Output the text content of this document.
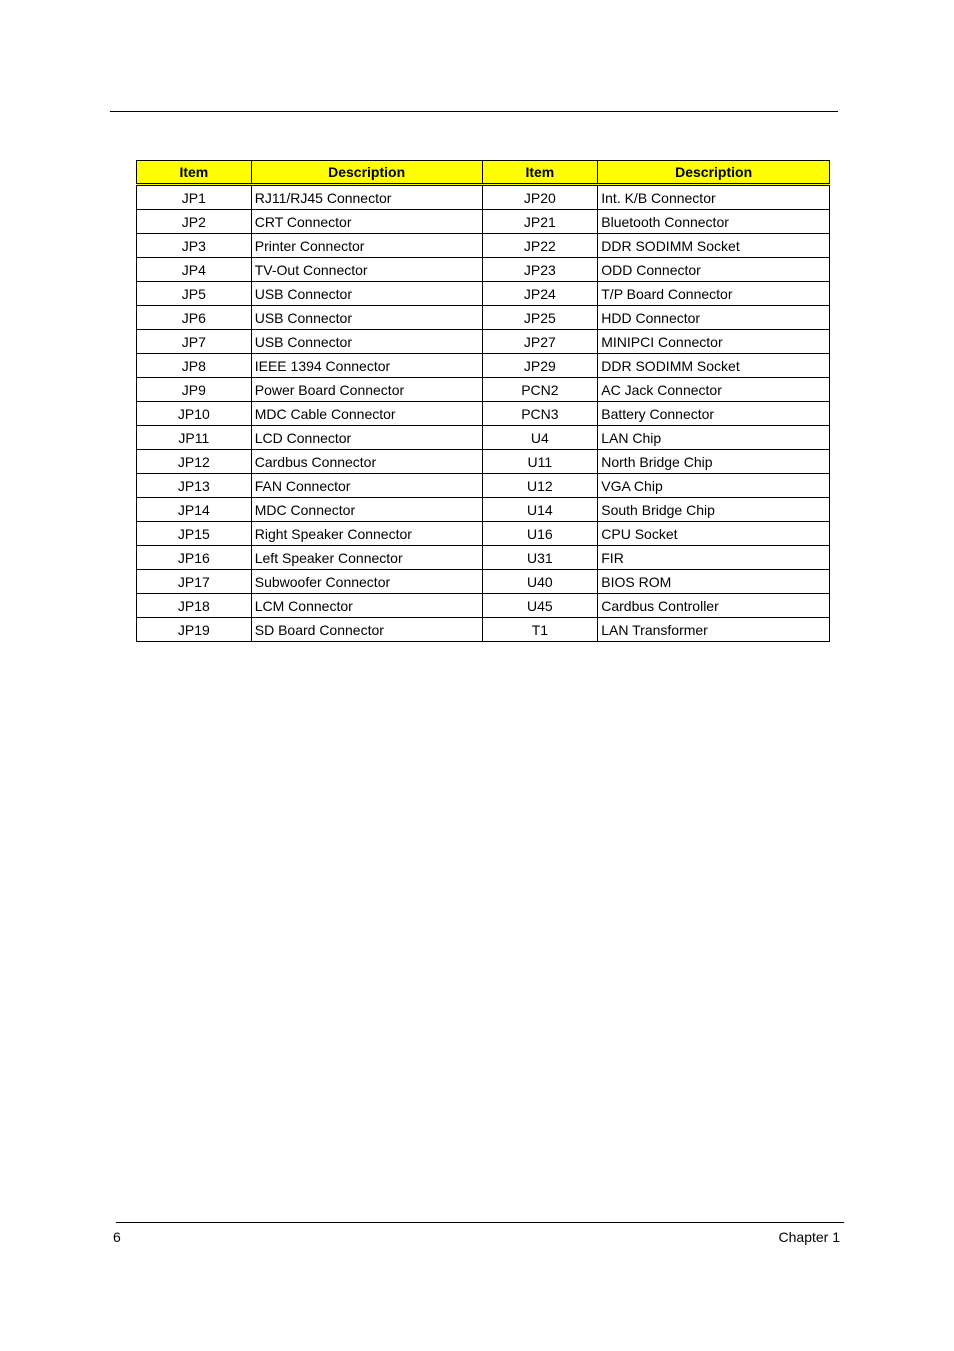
Item	Description	Item	Description
JP1	RJ11/RJ45 Connector	JP20	Int. K/B Connector
JP2	CRT Connector	JP21	Bluetooth Connector
JP3	Printer Connector	JP22	DDR SODIMM Socket
JP4	TV-Out Connector	JP23	ODD Connector
JP5	USB Connector	JP24	T/P Board Connector
JP6	USB Connector	JP25	HDD Connector
JP7	USB Connector	JP27	MINIPCI Connector
JP8	IEEE 1394 Connector	JP29	DDR SODIMM Socket
JP9	Power Board Connector	PCN2	AC Jack Connector
JP10	MDC Cable Connector	PCN3	Battery Connector
JP11	LCD Connector	U4	LAN Chip
JP12	Cardbus Connector	U11	North Bridge Chip
JP13	FAN Connector	U12	VGA Chip
JP14	MDC Connector	U14	South Bridge Chip
JP15	Right Speaker Connector	U16	CPU Socket
JP16	Left Speaker Connector	U31	FIR
JP17	Subwoofer Connector	U40	BIOS ROM
JP18	LCM Connector	U45	Cardbus Controller
JP19	SD Board Connector	T1	LAN Transformer
6	Chapter 1
